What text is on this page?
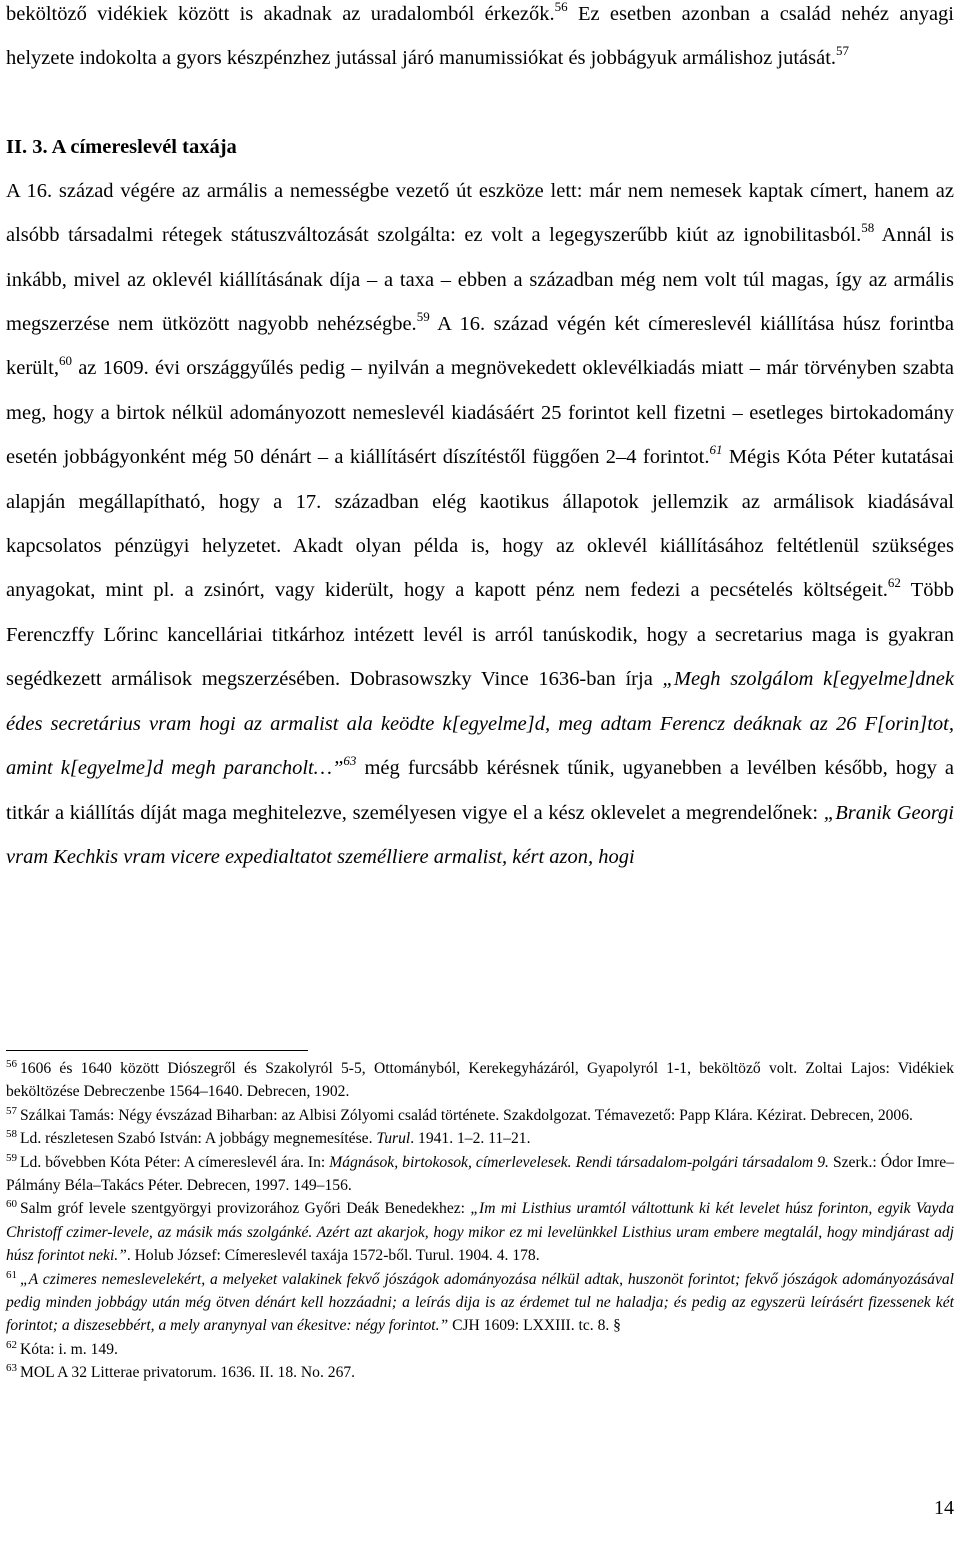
beköltöző vidékiek között is akadnak az uradalomból érkezők.$^{56}$ Ez esetben azonban a család nehéz anyagi helyzete indokolta a gyors készpénzhez jutással járó manumissiókat és jobbágyuk armálishoz jutását.$^{57}$

II. 3. A címereslevél taxája

A 16. század végére az armális a nemességbe vezető út eszköze lett: már nem nemesek kaptak címert, hanem az alsóbb társadalmi rétegek státuszváltozását szolgálta: ez volt a legegyszerűbb kiút az ignobilitasból.$^{58}$ Annál is inkább, mivel az oklevél kiállításának díja – a taxa – ebben a században még nem volt túl magas, így az armális megszerzése nem ütközött nagyobb nehézségbe.$^{59}$ A 16. század végén két címereslevél kiállítása húsz forintba került,$^{60}$ az 1609. évi országgyűlés pedig – nyilván a megnövekedett oklevélkiadás miatt – már törvényben szabta meg, hogy a birtok nélkül adományozott nemeslevél kiadásáért 25 forintot kell fizetni – esetleges birtokadomány esetén jobbágyonként még 50 dénárt – a kiállításért díszítéstől függően 2–4 forintot.$^{61}$ Mégis Kóta Péter kutatásai alapján megállapítható, hogy a 17. században elég kaotikus állapotok jellemzik az armálisok kiadásával kapcsolatos pénzügyi helyzetet. Akadt olyan példa is, hogy az oklevél kiállításához feltétlenül szükséges anyagokat, mint pl. a zsinórt, vagy kiderült, hogy a kapott pénz nem fedezi a pecsételés költségeit.$^{62}$ Több Ferenczffy Lőrinc kancelláriai titkárhoz intézett levél is arról tanúskodik, hogy a secretarius maga is gyakran segédkezett armálisok megszerzésében. Dobrasowszky Vince 1636-ban írja „Megh szolgálom k[egyelme]dnek édes secretárius vram hogi az armalist ala keödte k[egyelme]d, meg adtam Ferencz deáknak az 26 F[orin]tot, amint k[egyelme]d megh parancholt…”$^{63}$ még furcsább kérésnek tűnik, ugyanebben a levélben később, hogy a titkár a kiállítás díját maga meghitelezve, személyesen vigye el a kész oklevelet a megrendelőnek: „Branik Georgi vram Kechkis vram vicere expedialtatot személliere armalist, kért azon, hogi

$^{56}$ 1606 és 1640 között Diószegről és Szakolyról 5-5, Ottományból, Kerekegyházáról, Gyapolyról 1-1, beköltöző volt. Zoltai Lajos: Vidékiek beköltözése Debreczenbe 1564–1640. Debrecen, 1902.

$^{57}$ Szálkai Tamás: Négy évszázad Biharban: az Albisi Zólyomi család története. Szakdolgozat. Témavezető: Papp Klára. Kézirat. Debrecen, 2006.

$^{58}$ Ld. részletesen Szabó István: A jobbágy megnemesítése. Turul. 1941. 1–2. 11–21.

$^{59}$ Ld. bővebben Kóta Péter: A címereslevél ára. In: Mágnások, birtokosok, címerlevelesek. Rendi társadalom-polgári társadalom 9. Szerk.: Ódor Imre–Pálmány Béla–Takács Péter. Debrecen, 1997. 149–156.

$^{60}$ Salm gróf levele szentgyörgyi provizorához Győri Deák Benedekhez: „Im mi Listhius uramtól váltottunk ki két levelet húsz forinton, egyik Vayda Christoff czimer-levele, az másik más szolgánké. Azért azt akarjok, hogy mikor ez mi levelünkkel Listhius uram embere megtalál, hogy mindjárast adj húsz forintot neki.”. Holub József: Címereslevél taxája 1572-ből. Turul. 1904. 4. 178.

$^{61}$ „A czimeres nemeslevelekért, a melyeket valakinek fekvő jószágok adományozása nélkül adtak, huszonöt forintot; fekvő jószágok adományozásával pedig minden jobbágy után még ötven dénárt kell hozzáadni; a leírás dija is az érdemet tul ne haladja; és pedig az egyszerü leírásért fizessenek két forintot; a diszesebbért, a mely aranynyal van ékesitve: négy forintot.” CJH 1609: LXXIII. tc. 8. §

$^{62}$ Kóta: i. m. 149.

$^{63}$ MOL A 32 Litterae privatorum. 1636. II. 18. No. 267.

14
